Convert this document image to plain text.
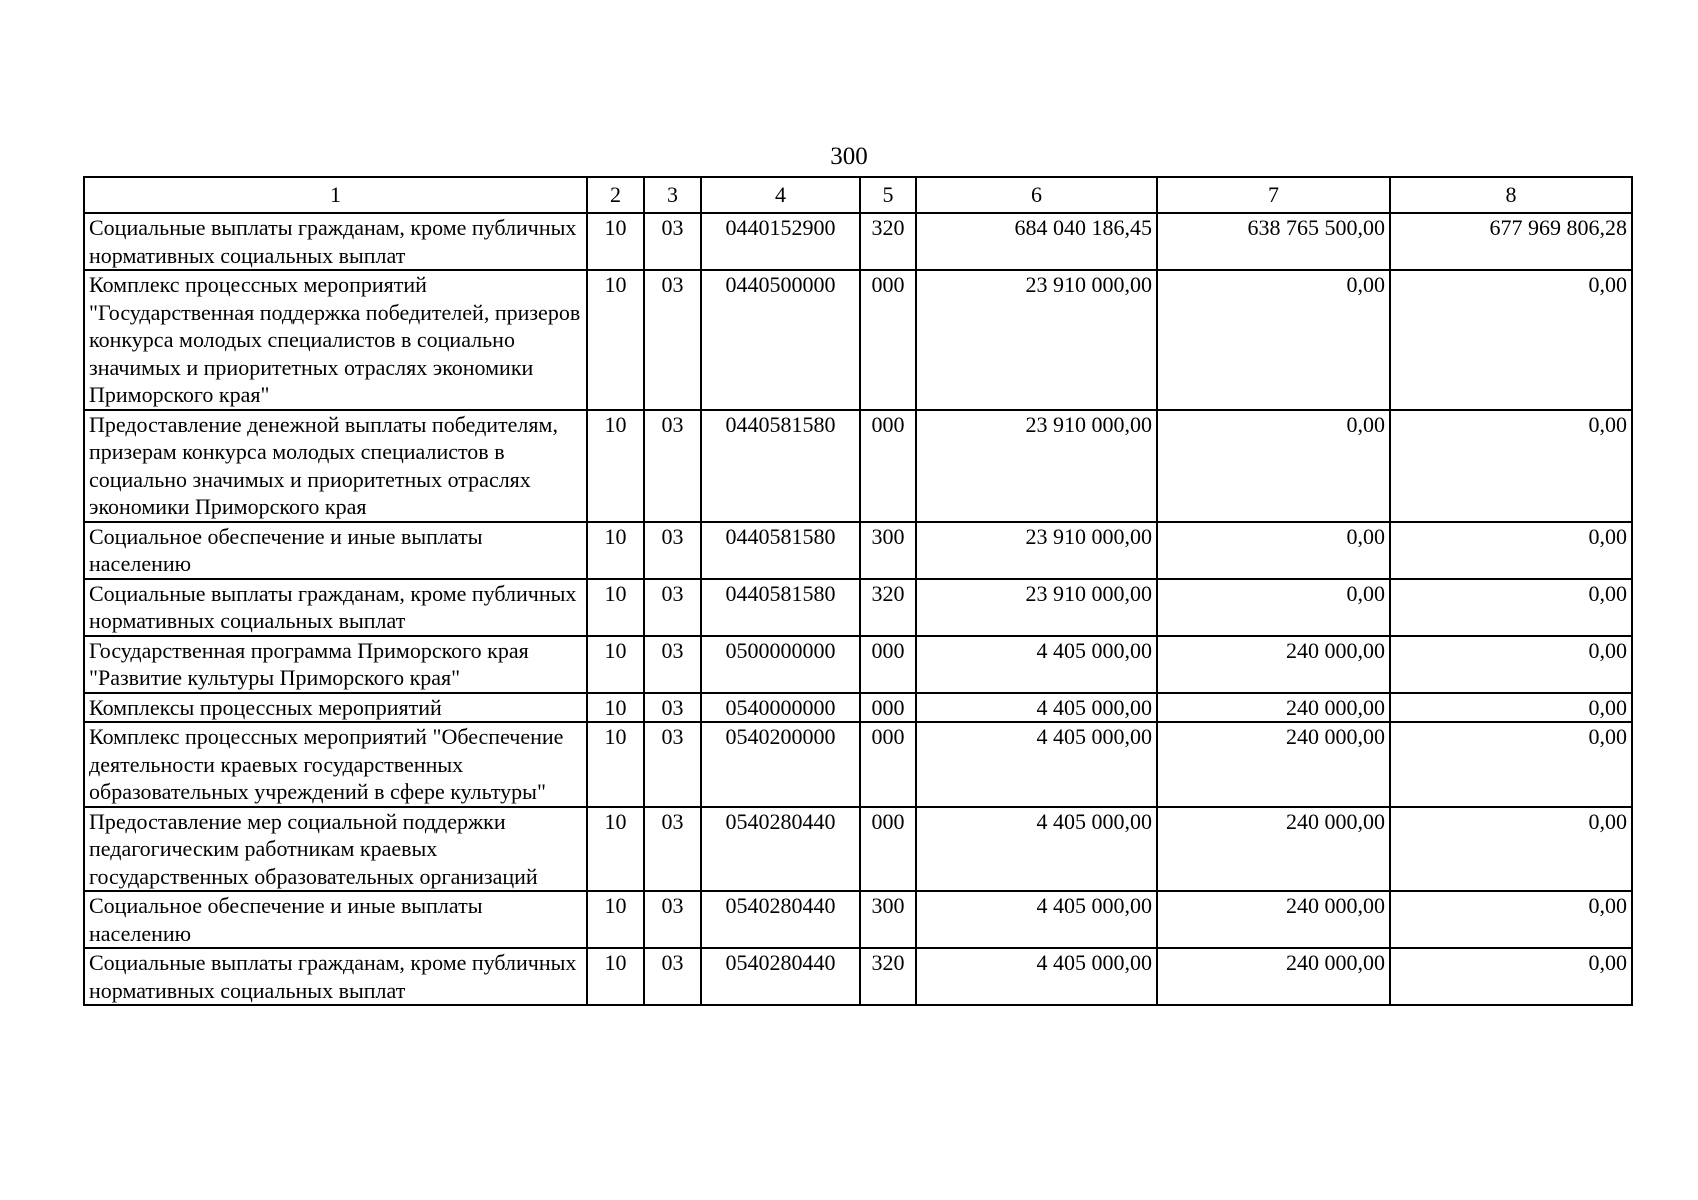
300
1	2	3	4	5	6	7	8
Социальные выплаты гражданам, кроме публичных нормативных социальных выплат	10	03	0440152900	320	684 040 186,45	638 765 500,00	677 969 806,28
Комплекс процессных мероприятий "Государственная поддержка победителей, призеров конкурса молодых специалистов в социально значимых и приоритетных отраслях экономики Приморского края"	10	03	0440500000	000	23 910 000,00	0,00	0,00
Предоставление денежной выплаты победителям, призерам конкурса молодых специалистов в социально значимых и приоритетных отраслях экономики Приморского края	10	03	0440581580	000	23 910 000,00	0,00	0,00
Социальное обеспечение и иные выплаты населению	10	03	0440581580	300	23 910 000,00	0,00	0,00
Социальные выплаты гражданам, кроме публичных нормативных социальных выплат	10	03	0440581580	320	23 910 000,00	0,00	0,00
Государственная программа Приморского края "Развитие культуры Приморского края"	10	03	0500000000	000	4 405 000,00	240 000,00	0,00
Комплексы процессных мероприятий	10	03	0540000000	000	4 405 000,00	240 000,00	0,00
Комплекс процессных мероприятий "Обеспечение деятельности краевых государственных образовательных учреждений в сфере культуры"	10	03	0540200000	000	4 405 000,00	240 000,00	0,00
Предоставление мер социальной поддержки педагогическим работникам краевых государственных образовательных организаций	10	03	0540280440	000	4 405 000,00	240 000,00	0,00
Социальное обеспечение и иные выплаты населению	10	03	0540280440	300	4 405 000,00	240 000,00	0,00
Социальные выплаты гражданам, кроме публичных нормативных социальных выплат	10	03	0540280440	320	4 405 000,00	240 000,00	0,00
